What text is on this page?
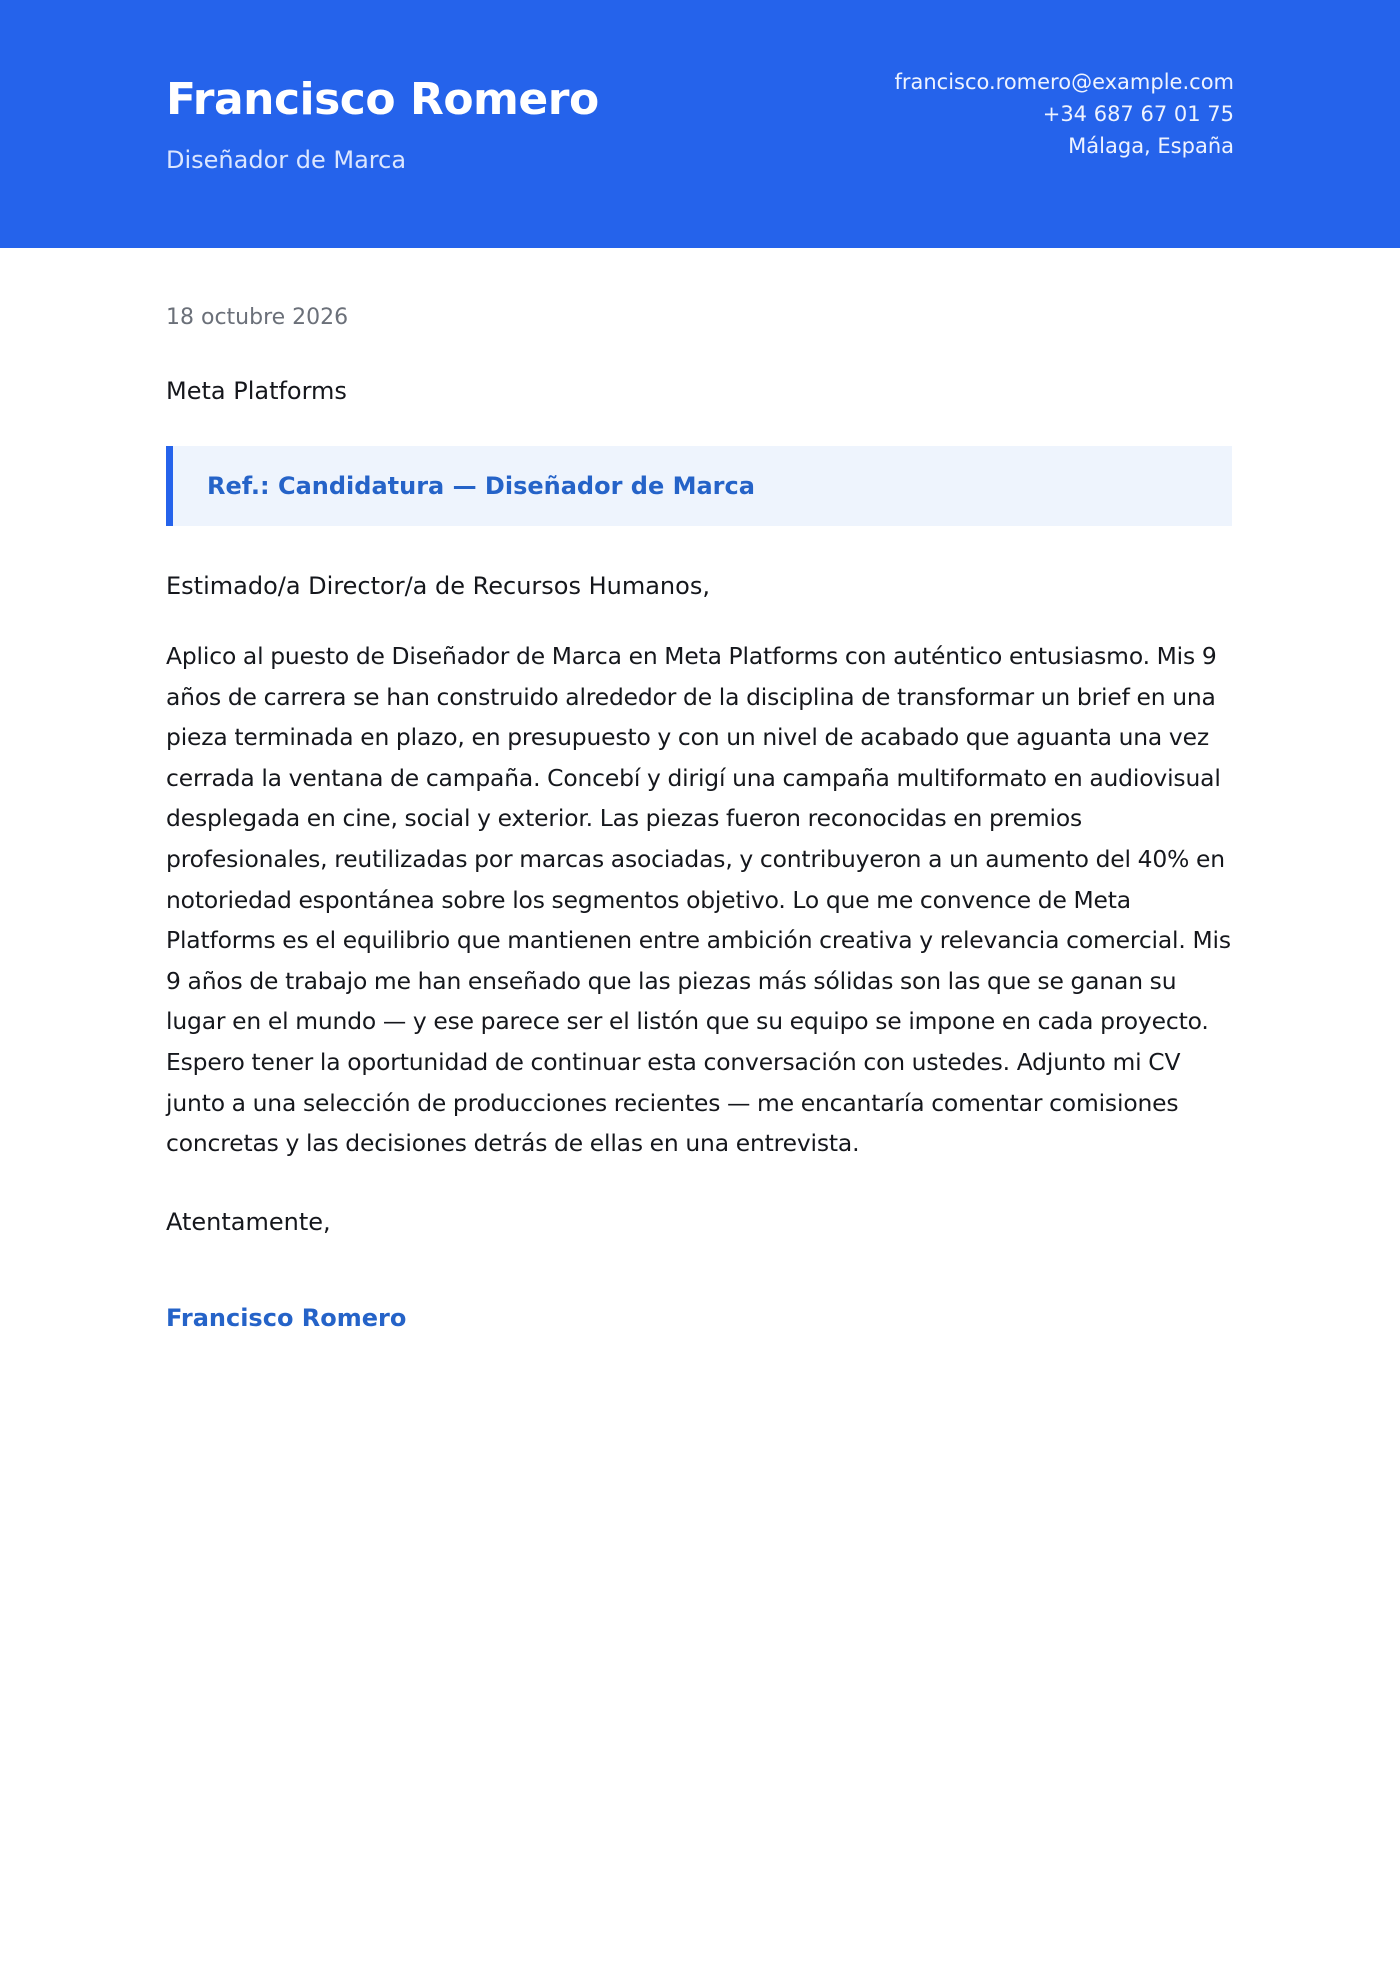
Francisco Romero
Diseñador de Marca
francisco.romero@example.com
+34 687 67 01 75
Málaga, España
18 octubre 2026
Meta Platforms
Ref.: Candidatura — Diseñador de Marca
Estimado/a Director/a de Recursos Humanos,
Aplico al puesto de Diseñador de Marca en Meta Platforms con auténtico entusiasmo. Mis 9 años de carrera se han construido alrededor de la disciplina de transformar un brief en una pieza terminada en plazo, en presupuesto y con un nivel de acabado que aguanta una vez cerrada la ventana de campaña. Concebí y dirigí una campaña multiformato en audiovisual desplegada en cine, social y exterior. Las piezas fueron reconocidas en premios profesionales, reutilizadas por marcas asociadas, y contribuyeron a un aumento del 40% en notoriedad espontánea sobre los segmentos objetivo. Lo que me convence de Meta Platforms es el equilibrio que mantienen entre ambición creativa y relevancia comercial. Mis 9 años de trabajo me han enseñado que las piezas más sólidas son las que se ganan su lugar en el mundo — y ese parece ser el listón que su equipo se impone en cada proyecto. Espero tener la oportunidad de continuar esta conversación con ustedes. Adjunto mi CV junto a una selección de producciones recientes — me encantaría comentar comisiones concretas y las decisiones detrás de ellas en una entrevista.
Atentamente,
Francisco Romero
